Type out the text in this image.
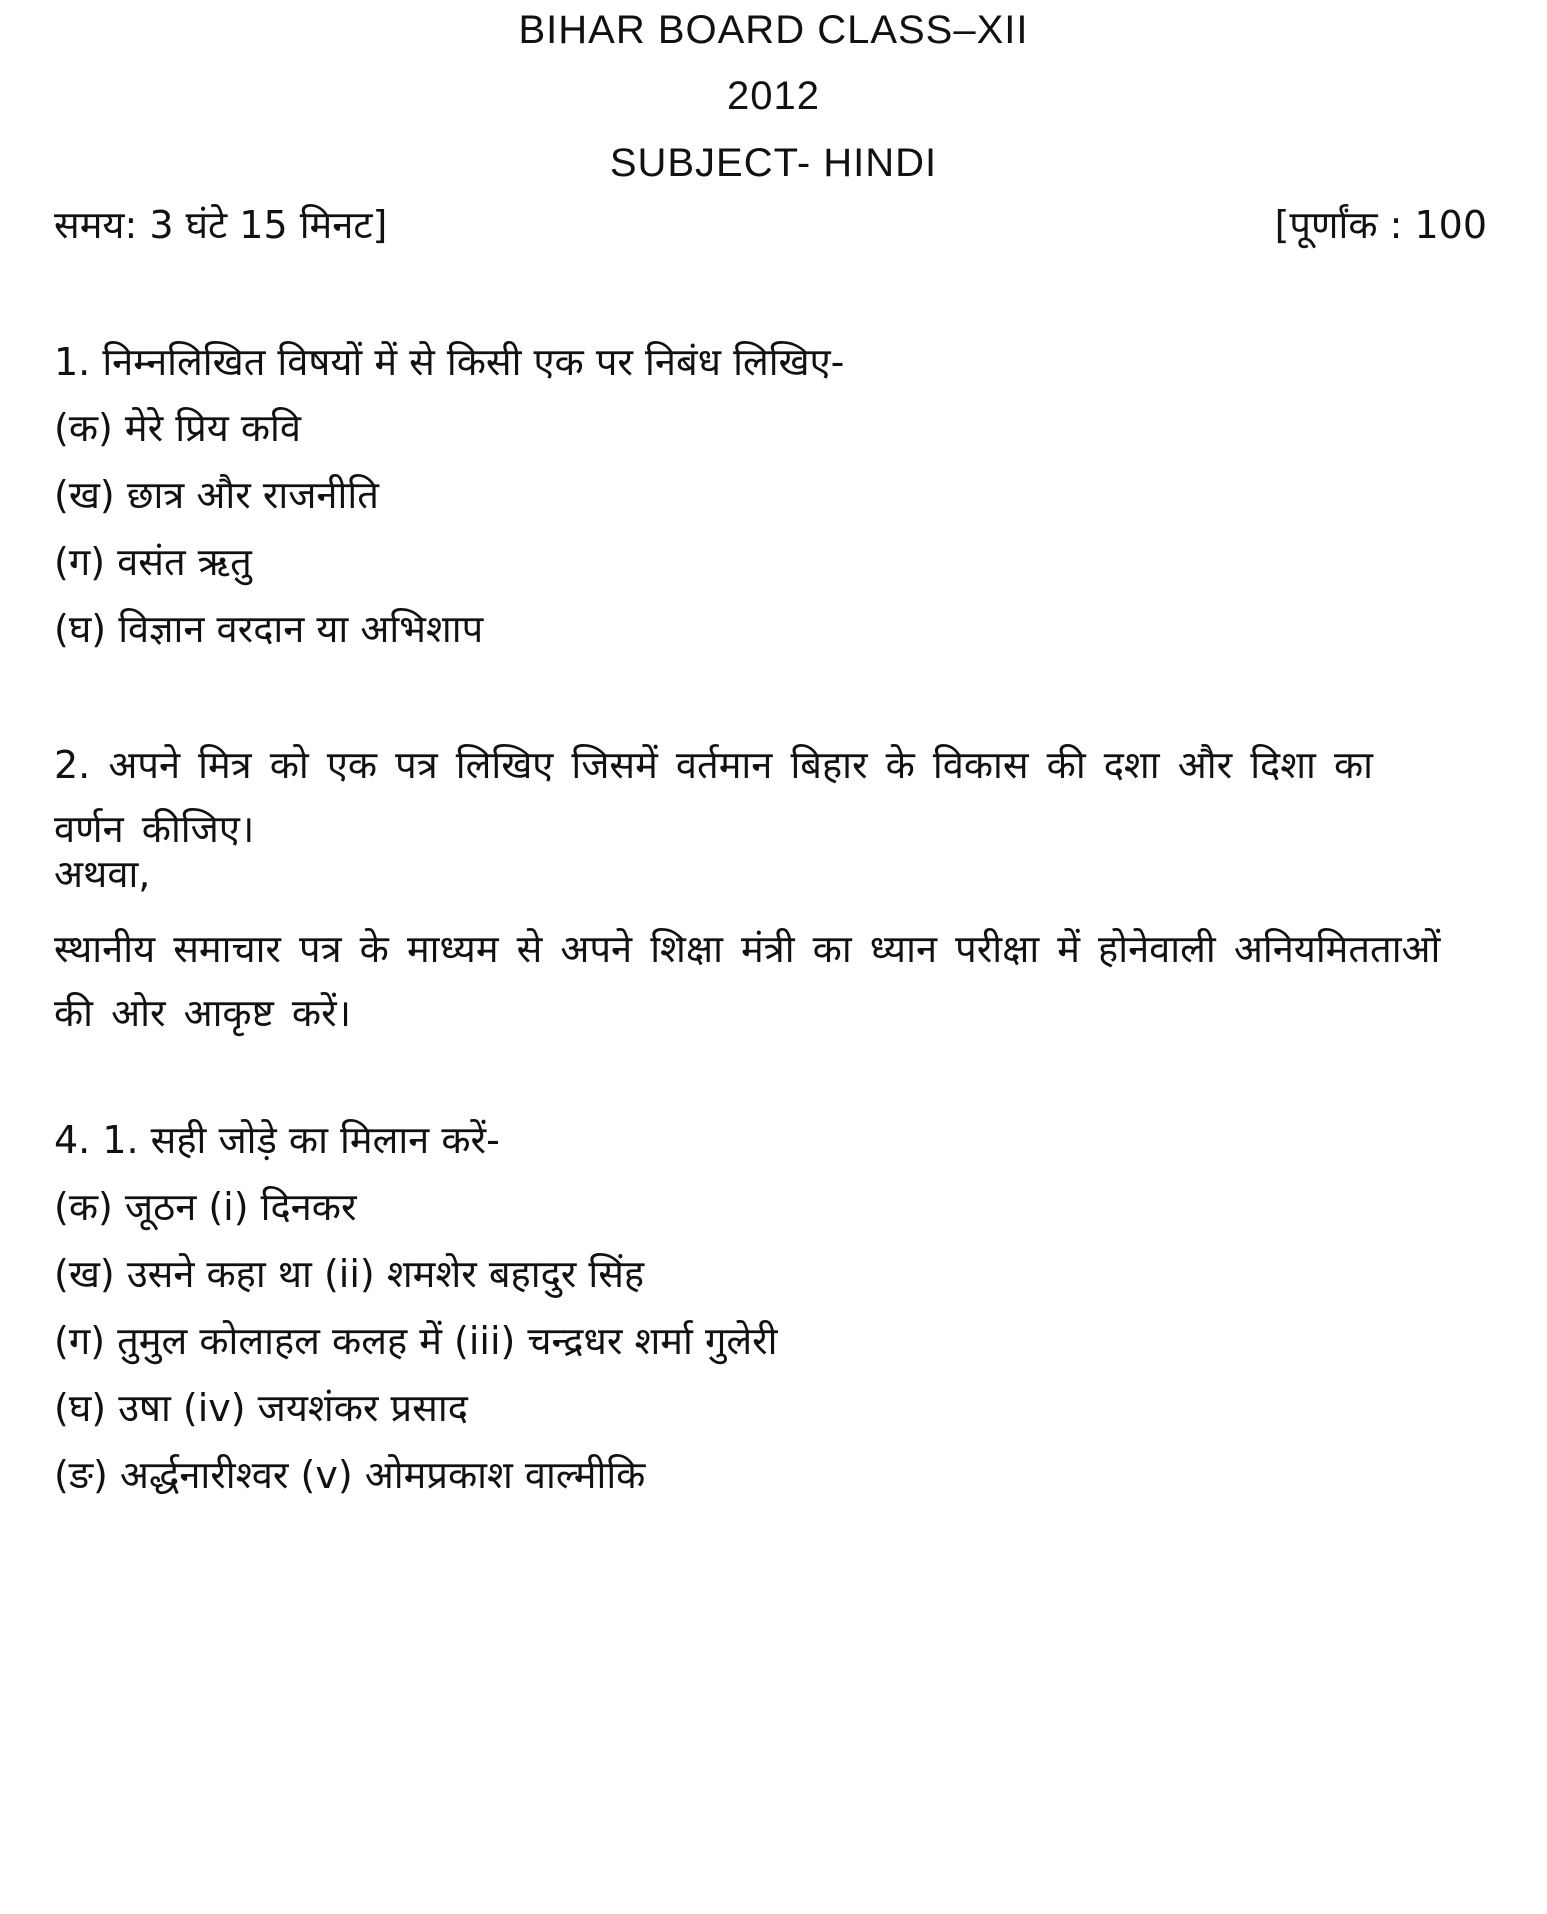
BIHAR BOARD CLASS–XII
2012
SUBJECT- HINDI
समय: 3 घंटे 15 मिनट]	[पूर्णांक : 100
1. निम्नलिखित विषयों में से किसी एक पर निबंध लिखिए-
(क) मेरे प्रिय कवि
(ख) छात्र और राजनीति
(ग) वसंत ऋतु
(घ) विज्ञान वरदान या अभिशाप
2. अपने मित्र को एक पत्र लिखिए जिसमें वर्तमान बिहार के विकास की दशा और दिशा का वर्णन कीजिए।
अथवा,
स्थानीय समाचार पत्र के माध्यम से अपने शिक्षा मंत्री का ध्यान परीक्षा में होनेवाली अनियमितताओं की ओर आकृष्ट करें।
4. 1. सही जोड़े का मिलान करें-
(क) जूठन (i) दिनकर
(ख) उसने कहा था (ii) शमशेर बहादुर सिंह
(ग) तुमुल कोलाहल कलह में (iii) चन्द्रधर शर्मा गुलेरी
(घ) उषा (iv) जयशंकर प्रसाद
(ङ) अर्द्धनारीश्वर (v) ओमप्रकाश वाल्मीकि
